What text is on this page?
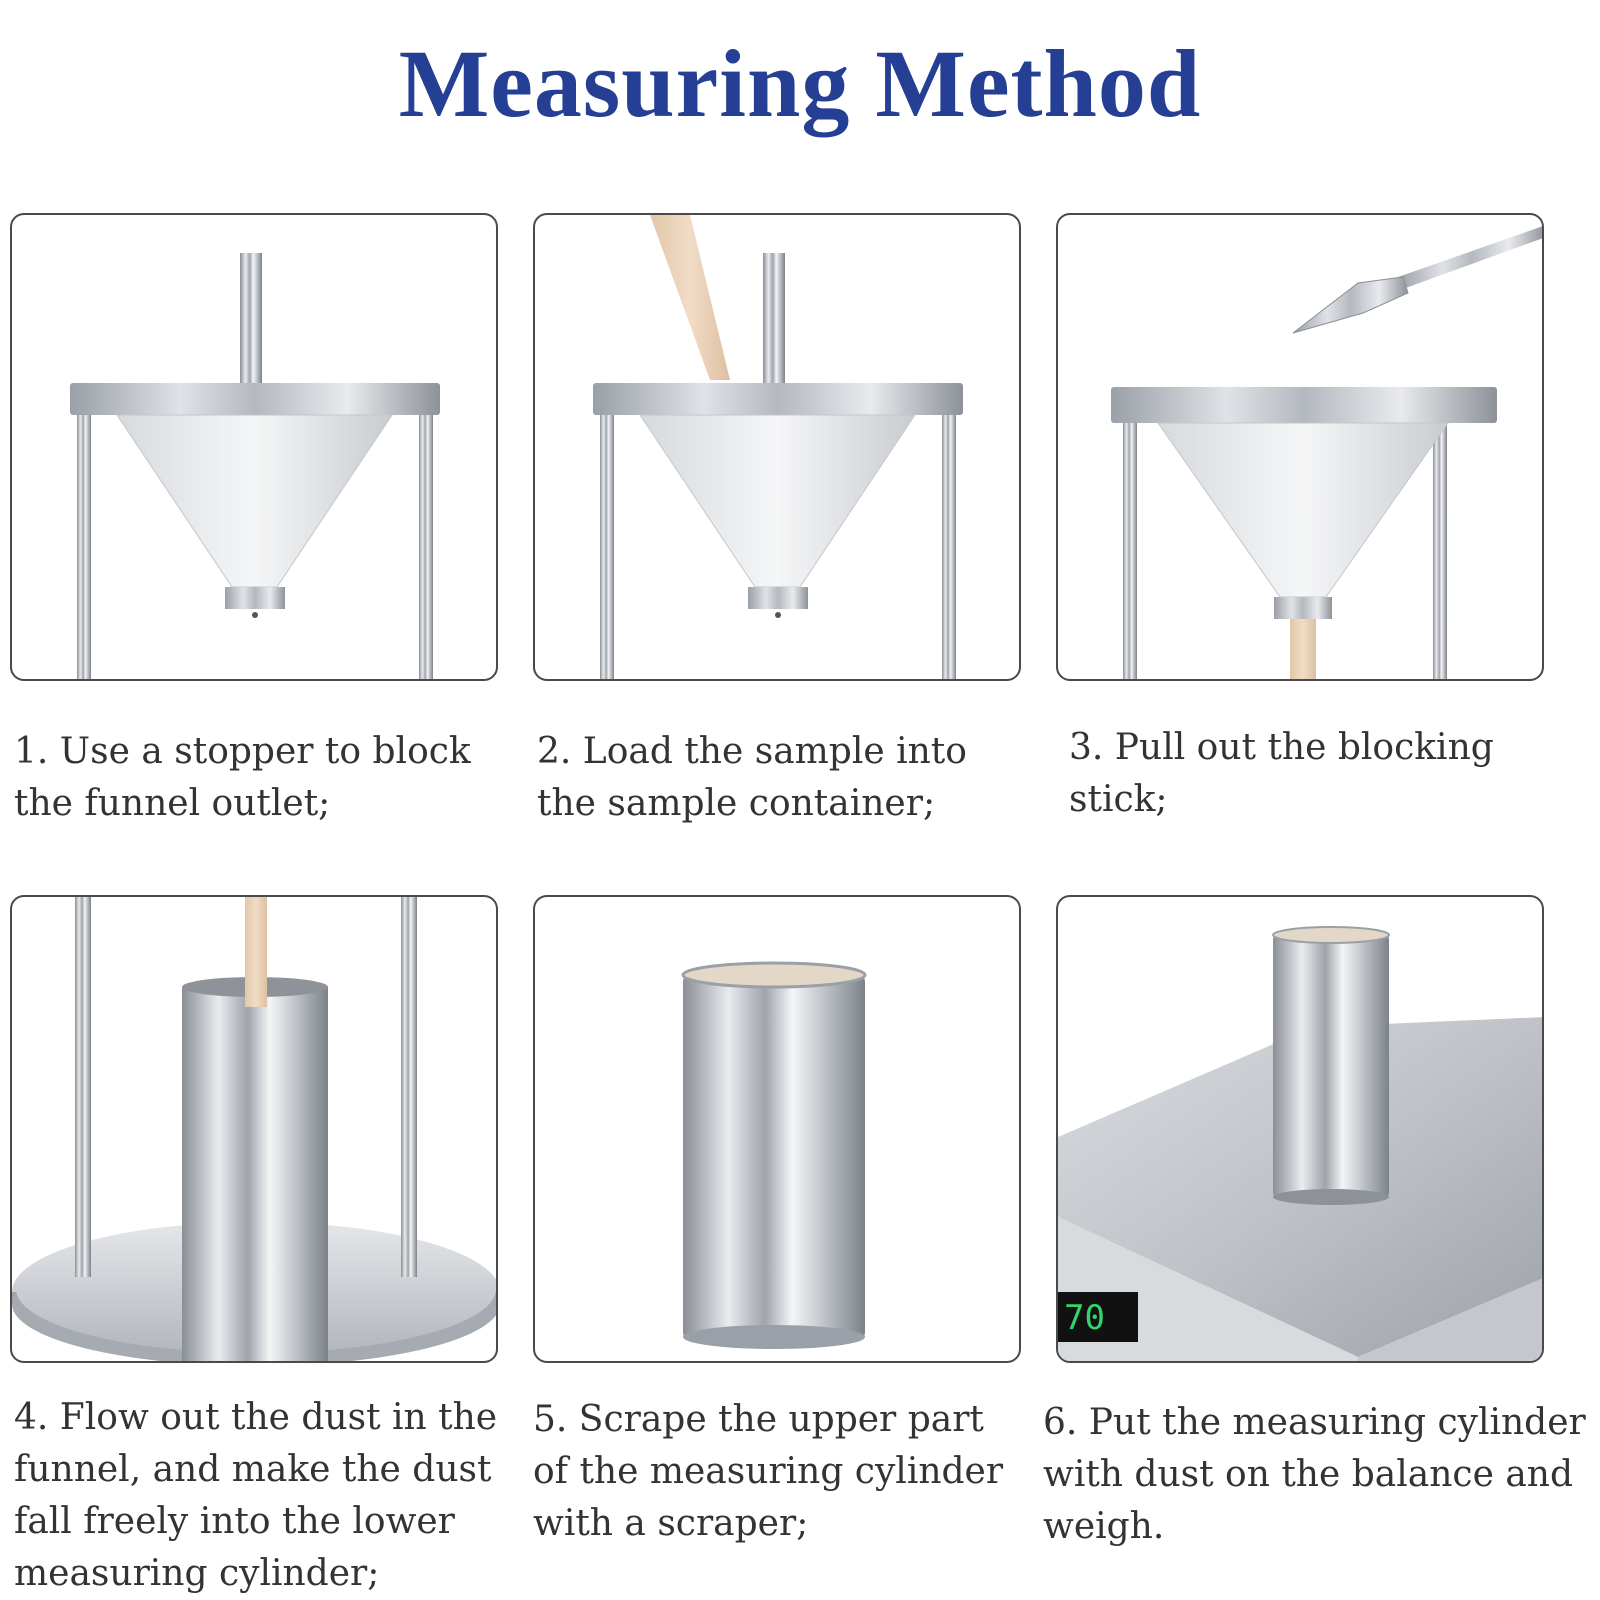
Measuring Method
70
1. Use a stopper to block
the funnel outlet;
2. Load the sample into
the sample container;
3. Pull out the blocking
stick;
4. Flow out the dust in the
funnel, and make the dust
fall freely into the lower
measuring cylinder;
5. Scrape the upper part
of the measuring cylinder
with a scraper;
6. Put the measuring cylinder
with dust on the balance and
weigh.
